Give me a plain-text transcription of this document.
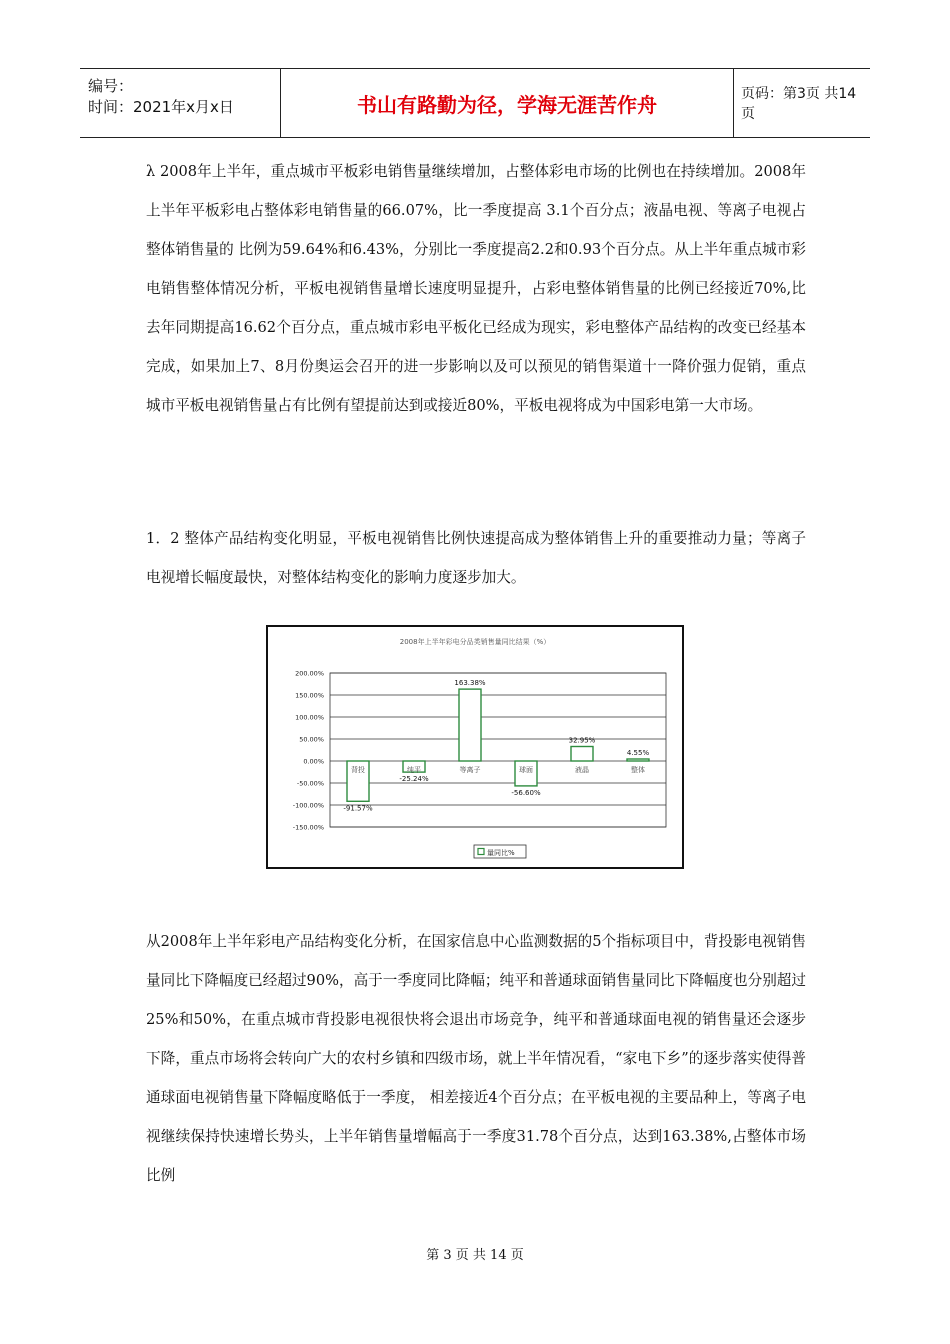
编号：
时间：2021年x月x日	书山有路勤为径，学海无涯苦作舟	页码：第3页 共14页
λ 2008年上半年，重点城市平板彩电销售量继续增加，占整体彩电市场的比例也在持续增加。2008年上半年平板彩电占整体彩电销售量的66.07%，比一季度提高 3.1个百分点；液晶电视、等离子电视占整体销售量的 比例为59.64%和6.43%，分别比一季度提高2.2和0.93个百分点。从上半年重点城市彩电销售整体情况分析，平板电视销售量增长速度明显提升，占彩电整体销售量的比例已经接近70%,比去年同期提高16.62个百分点，重点城市彩电平板化已经成为现实，彩电整体产品结构的改变已经基本完成，如果加上7、8月份奥运会召开的进一步影响以及可以预见的销售渠道十一降价强力促销，重点城市平板电视销售量占有比例有望提前达到或接近80%，平板电视将成为中国彩电第一大市场。
1．2 整体产品结构变化明显，平板电视销售比例快速提高成为整体销售上升的重要推动力量；等离子电视增长幅度最快，对整体结构变化的影响力度逐步加大。
2008年上半年彩电分品类销售量同比结果（%）
200.00%
150.00%
100.00%
50.00%
0.00%
-50.00%
-100.00%
-150.00%
背投
-91.57%
纯平
-25.24%
等离子
163.38%
球面
-56.60%
液晶
32.95%
整体
4.55%
量同比%
从2008年上半年彩电产品结构变化分析，在国家信息中心监测数据的5个指标项目中，背投影电视销售量同比下降幅度已经超过90%，高于一季度同比降幅；纯平和普通球面销售量同比下降幅度也分别超过25%和50%，在重点城市背投影电视很快将会退出市场竞争，纯平和普通球面电视的销售量还会逐步下降，重点市场将会转向广大的农村乡镇和四级市场，就上半年情况看，“家电下乡”的逐步落实使得普通球面电视销售量下降幅度略低于一季度， 相差接近4个百分点；在平板电视的主要品种上，等离子电视继续保持快速增长势头，上半年销售量增幅高于一季度31.78个百分点，达到163.38%,占整体市场比例
第 3 页 共 14 页
